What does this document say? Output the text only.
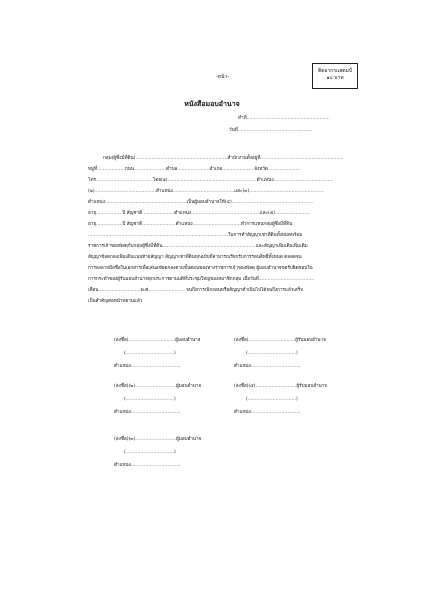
ติดอากรแสตมป์
๑๐ บาท
-หน้า-
หนังสือมอบอำนาจ
ทำที่.........................................................
วันที่...................................................
กลุ่ม(ผู้ซึ่งมีที่ดิน)...............................................................สำนักงานตั้งอยู่ที่.........................................................
หมู่ที่...................ถนน......................ตำบล......................อำเภอ......................จังหวัด......................
โทร.......................................โดย(๑).............................................................ตำแหน่ง.........................................
(๒)..........................................ตำแหน่ง..........................................และ(๓)...................................................
ตำแหน่ง........................................................เป็นผู้มอบอำนาจให้(๔)........................................................
อายุ..................ปี สัญชาติ......................ตำแหน่ง...............................................และ(๕)........................
อายุ..................ปี สัญชาติ.......................ตำแหน่ง.................................ทำการแทนกลุ่มผู้ซึ่งมีที่ดิน
................................................................................................ในการทำสัญญาเช่าที่ดินทั้งหมดพร้อม
ราชการเจ้าของพัสดุกับกลุ่มผู้ซึ่งมีที่ดิน................................................................และสัญญาเพิ่มเติมเพิ่มเติม
สัญญาข้อตกลงเพิ่มเติมแนบท้ายสัญญา สัญญาเช่าที่ดินทุกฉบับที่สามารถเรียกรับการรอนสิทธิ์ทั้งหมด ตลอดจน
การลงลายมือชื่อในเอกสารเพื่อเสนอข้อตกลงตามขั้นตอนของทางราชการเจ้าของพัสดุ ผู้มอบอำนาจขอรับผิดชอบใน
การกระทำของผู้รับมอบอำนาจทุกประการตามมติที่ประชุมใหญ่ของสมาชิกกลุ่ม เมื่อวันที่......................................
เดือน.............................พ.ศ......................... จนถึงการเพิกถอนหรือสัญญาดำเนินไปได้จนถึงการแล้วเสร็จ
เป็นสำคัญต่อหน้าพยานแล้ว
(ลงชื่อ)................................ผู้มอบอำนาจ
(.................................)
ตำแหน่ง..................................
(ลงชื่อ)................................ผู้รับมอบอำนาจ
(.................................)
ตำแหน่ง..................................
(ลงชื่อ)(๒)............................ผู้มอบอำนาจ
(.................................)
ตำแหน่ง..................................
(ลงชื่อ)(๕)............................ผู้รับมอบอำนาจ
(.................................)
ตำแหน่ง..................................
(ลงชื่อ)(๓)............................ผู้มอบอำนาจ
(.................................)
ตำแหน่ง..................................
